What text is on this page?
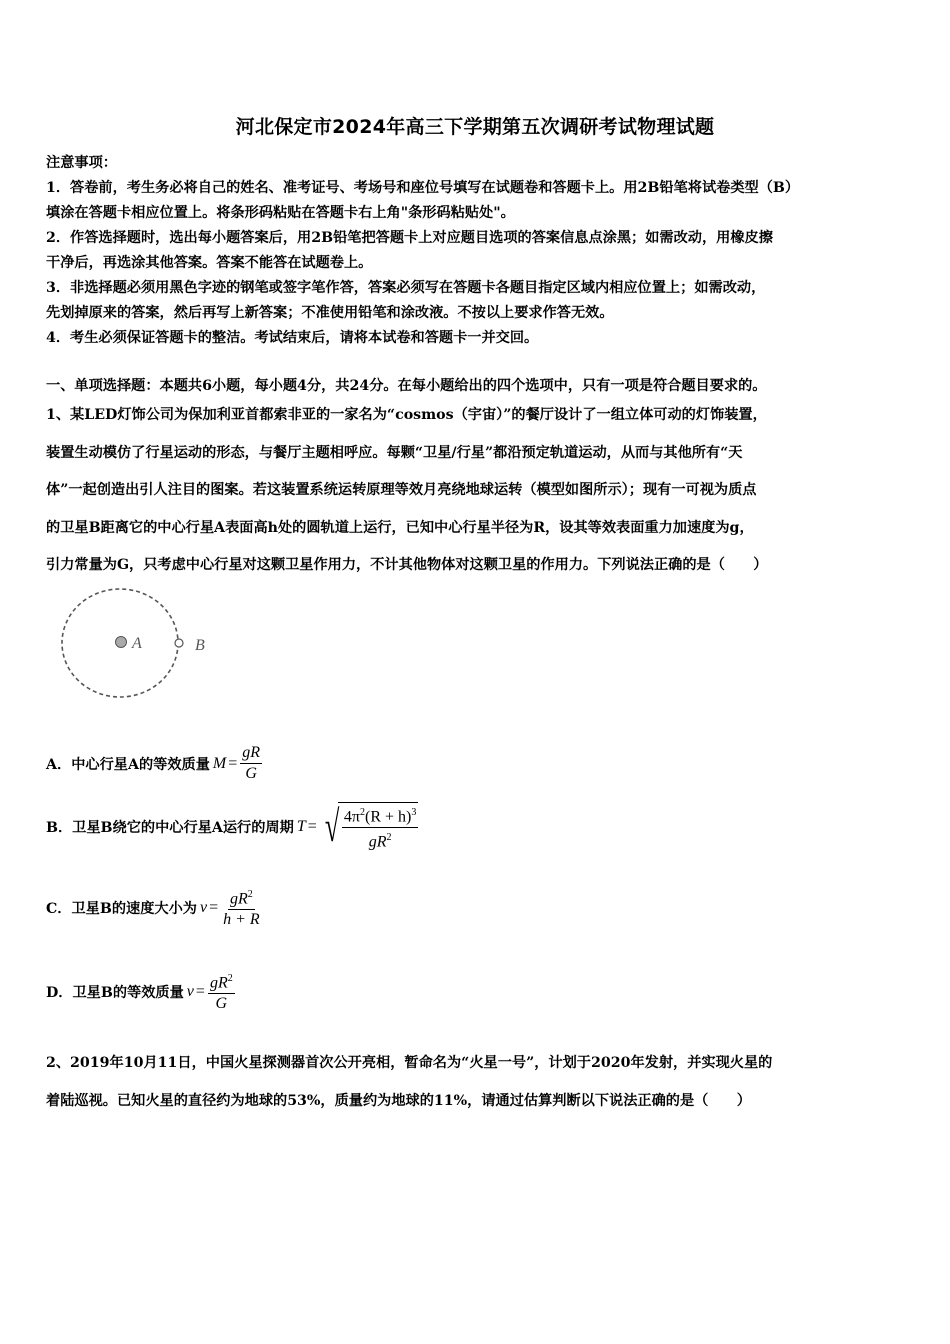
河北保定市2024年高三下学期第五次调研考试物理试题

注意事项：

1．答卷前，考生务必将自己的姓名、准考证号、考场号和座位号填写在试题卷和答题卡上。用2B铅笔将试卷类型（B）

填涂在答题卡相应位置上。将条形码粘贴在答题卡右上角"条形码粘贴处"。

2．作答选择题时，选出每小题答案后，用2B铅笔把答题卡上对应题目选项的答案信息点涂黑；如需改动，用橡皮擦

干净后，再选涂其他答案。答案不能答在试题卷上。

3．非选择题必须用黑色字迹的钢笔或签字笔作答，答案必须写在答题卡各题目指定区域内相应位置上；如需改动，

先划掉原来的答案，然后再写上新答案；不准使用铅笔和涂改液。不按以上要求作答无效。

4．考生必须保证答题卡的整洁。考试结束后，请将本试卷和答题卡一并交回。

一、单项选择题：本题共6小题，每小题4分，共24分。在每小题给出的四个选项中，只有一项是符合题目要求的。

1、某LED灯饰公司为保加利亚首都索非亚的一家名为“cosmos（宇宙）”的餐厅设计了一组立体可动的灯饰装置，

装置生动模仿了行星运动的形态，与餐厅主题相呼应。每颗“卫星/行星”都沿预定轨道运动，从而与其他所有“天

体”一起创造出引人注目的图案。若这装置系统运转原理等效月亮绕地球运转（模型如图所示）；现有一可视为质点

的卫星B距离它的中心行星A表面高h处的圆轨道上运行，已知中心行星半径为R，设其等效表面重力加速度为g，

引力常量为G，只考虑中心行星对这颗卫星作用力，不计其他物体对这颗卫星的作用力。下列说法正确的是（　　）

A	B
A．中心行星A的等效质量 $M = \frac{gR}{G}$
B．卫星B绕它的中心行星A运行的周期 T = √ $\frac{4\pi^2(R + h)^3}{gR^2}$
C．卫星B的速度大小为 $v = \frac{gR^2}{h + R}$
D．卫星B的等效质量 $v = \frac{gR^2}{G}$

2、2019年10月11日，中国火星探测器首次公开亮相，暂命名为“火星一号”，计划于2020年发射，并实现火星的

着陆巡视。已知火星的直径约为地球的53%，质量约为地球的11%，请通过估算判断以下说法正确的是（　　）
